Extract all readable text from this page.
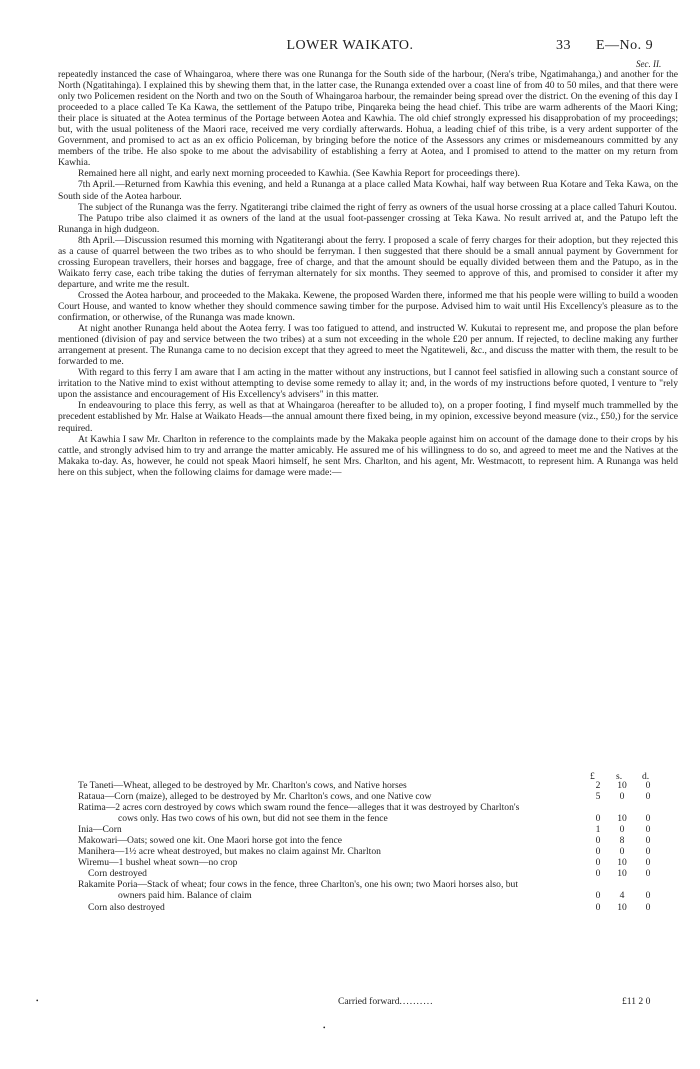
LOWER WAIKATO.	33 E—No. 9
Sec. II.

repeatedly instanced the case of Whaingaroa, where there was one Runanga for the South side of the harbour, (Nera's tribe, Ngatimahanga,) and another for the North (Ngatitahinga). I explained this by shewing them that, in the latter case, the Runanga extended over a coast line of from 40 to 50 miles, and that there were only two Policemen resident on the North and two on the South of Whaingaroa harbour, the remainder being spread over the district. On the evening of this day I proceeded to a place called Te Ka Kawa, the settlement of the Patupo tribe, Pinqareka being the head chief. This tribe are warm adherents of the Maori King; their place is situated at the Aotea terminus of the Portage between Aotea and Kawhia. The old chief strongly expressed his disapprobation of my proceedings; but, with the usual politeness of the Maori race, received me very cordially afterwards. Hohua, a leading chief of this tribe, is a very ardent supporter of the Government, and promised to act as an ex officio Policeman, by bringing before the notice of the Assessors any crimes or misdemeanours committed by any members of the tribe. He also spoke to me about the advisability of establishing a ferry at Aotea, and I promised to attend to the matter on my return from Kawhia.

Remained here all night, and early next morning proceeded to Kawhia. (See Kawhia Report for proceedings there).

7th April.—Returned from Kawhia this evening, and held a Runanga at a place called Mata Kowhai, half way between Rua Kotare and Teka Kawa, on the South side of the Aotea harbour.

The subject of the Runanga was the ferry. Ngatiterangi tribe claimed the right of ferry as owners of the usual horse crossing at a place called Tahuri Koutou.

The Patupo tribe also claimed it as owners of the land at the usual foot-passenger crossing at Teka Kawa. No result arrived at, and the Patupo left the Runanga in high dudgeon.

8th April.—Discussion resumed this morning with Ngatiterangi about the ferry. I proposed a scale of ferry charges for their adoption, but they rejected this as a cause of quarrel between the two tribes as to who should be ferryman. I then suggested that there should be a small annual payment by Government for crossing European travellers, their horses and baggage, free of charge, and that the amount should be equally divided between them and the Patupo, as in the Waikato ferry case, each tribe taking the duties of ferryman alternately for six months. They seemed to approve of this, and promised to consider it after my departure, and write me the result.

Crossed the Aotea harbour, and proceeded to the Makaka. Kewene, the proposed Warden there, informed me that his people were willing to build a wooden Court House, and wanted to know whether they should commence sawing timber for the purpose. Advised him to wait until His Excellency's pleasure as to the confirmation, or otherwise, of the Runanga was made known.

At night another Runanga held about the Aotea ferry. I was too fatigued to attend, and instructed W. Kukutai to represent me, and propose the plan before mentioned (division of pay and service between the two tribes) at a sum not exceeding in the whole £20 per annum. If rejected, to decline making any further arrangement at present. The Runanga came to no decision except that they agreed to meet the Ngatiteweli, &c., and discuss the matter with them, the result to be forwarded to me.

With regard to this ferry I am aware that I am acting in the matter without any instructions, but I cannot feel satisfied in allowing such a constant source of irritation to the Native mind to exist without attempting to devise some remedy to allay it; and, in the words of my instructions before quoted, I venture to "rely upon the assistance and encouragement of His Excellency's advisers" in this matter.

In endeavouring to place this ferry, as well as that at Whaingaroa (hereafter to be alluded to), on a proper footing, I find myself much trammelled by the precedent established by Mr. Halse at Waikato Heads—the annual amount there fixed being, in my opinion, excessive beyond measure (viz., £50,) for the service required.

At Kawhia I saw Mr. Charlton in reference to the complaints made by the Makaka people against him on account of the damage done to their crops by his cattle, and strongly advised him to try and arrange the matter amicably. He assured me of his willingness to do so, and agreed to meet me and the Natives at the Makaka to-day. As, however, he could not speak Maori himself, he sent Mrs. Charlton, and his agent, Mr. Westmacott, to represent him. A Runanga was held here on this subject, when the following claims for damage were made:—

£ s. d.
Te Taneti—Wheat, alleged to be destroyed by Mr. Charlton's cows, and Native horses	2	10	0
Rataua—Corn (maize), alleged to be destroyed by Mr. Charlton's cows, and one Native cow	5	0	0
Ratima—2 acres corn destroyed by cows which swam round the fence—alleges that it was destroyed by Charlton's cows only. Has two cows of his own, but did not see them in the fence	0	10	0
Inia—Corn	1	0	0
Makowari—Oats; sowed one kit. One Maori horse got into the fence	0	8	0
Manihera—1½ acre wheat destroyed, but makes no claim against Mr. Charlton	0	0	0
Wiremu—1 bushel wheat sown—no crop	0	10	0
Corn destroyed	0	10	0
Rakamite Poria—Stack of wheat; four cows in the fence, three Charlton's, one his own; two Maori horses also, but owners paid him. Balance of claim	0	4	0
Corn also destroyed	0	10	0
Carried forward..........	£11 2 0
•
•
